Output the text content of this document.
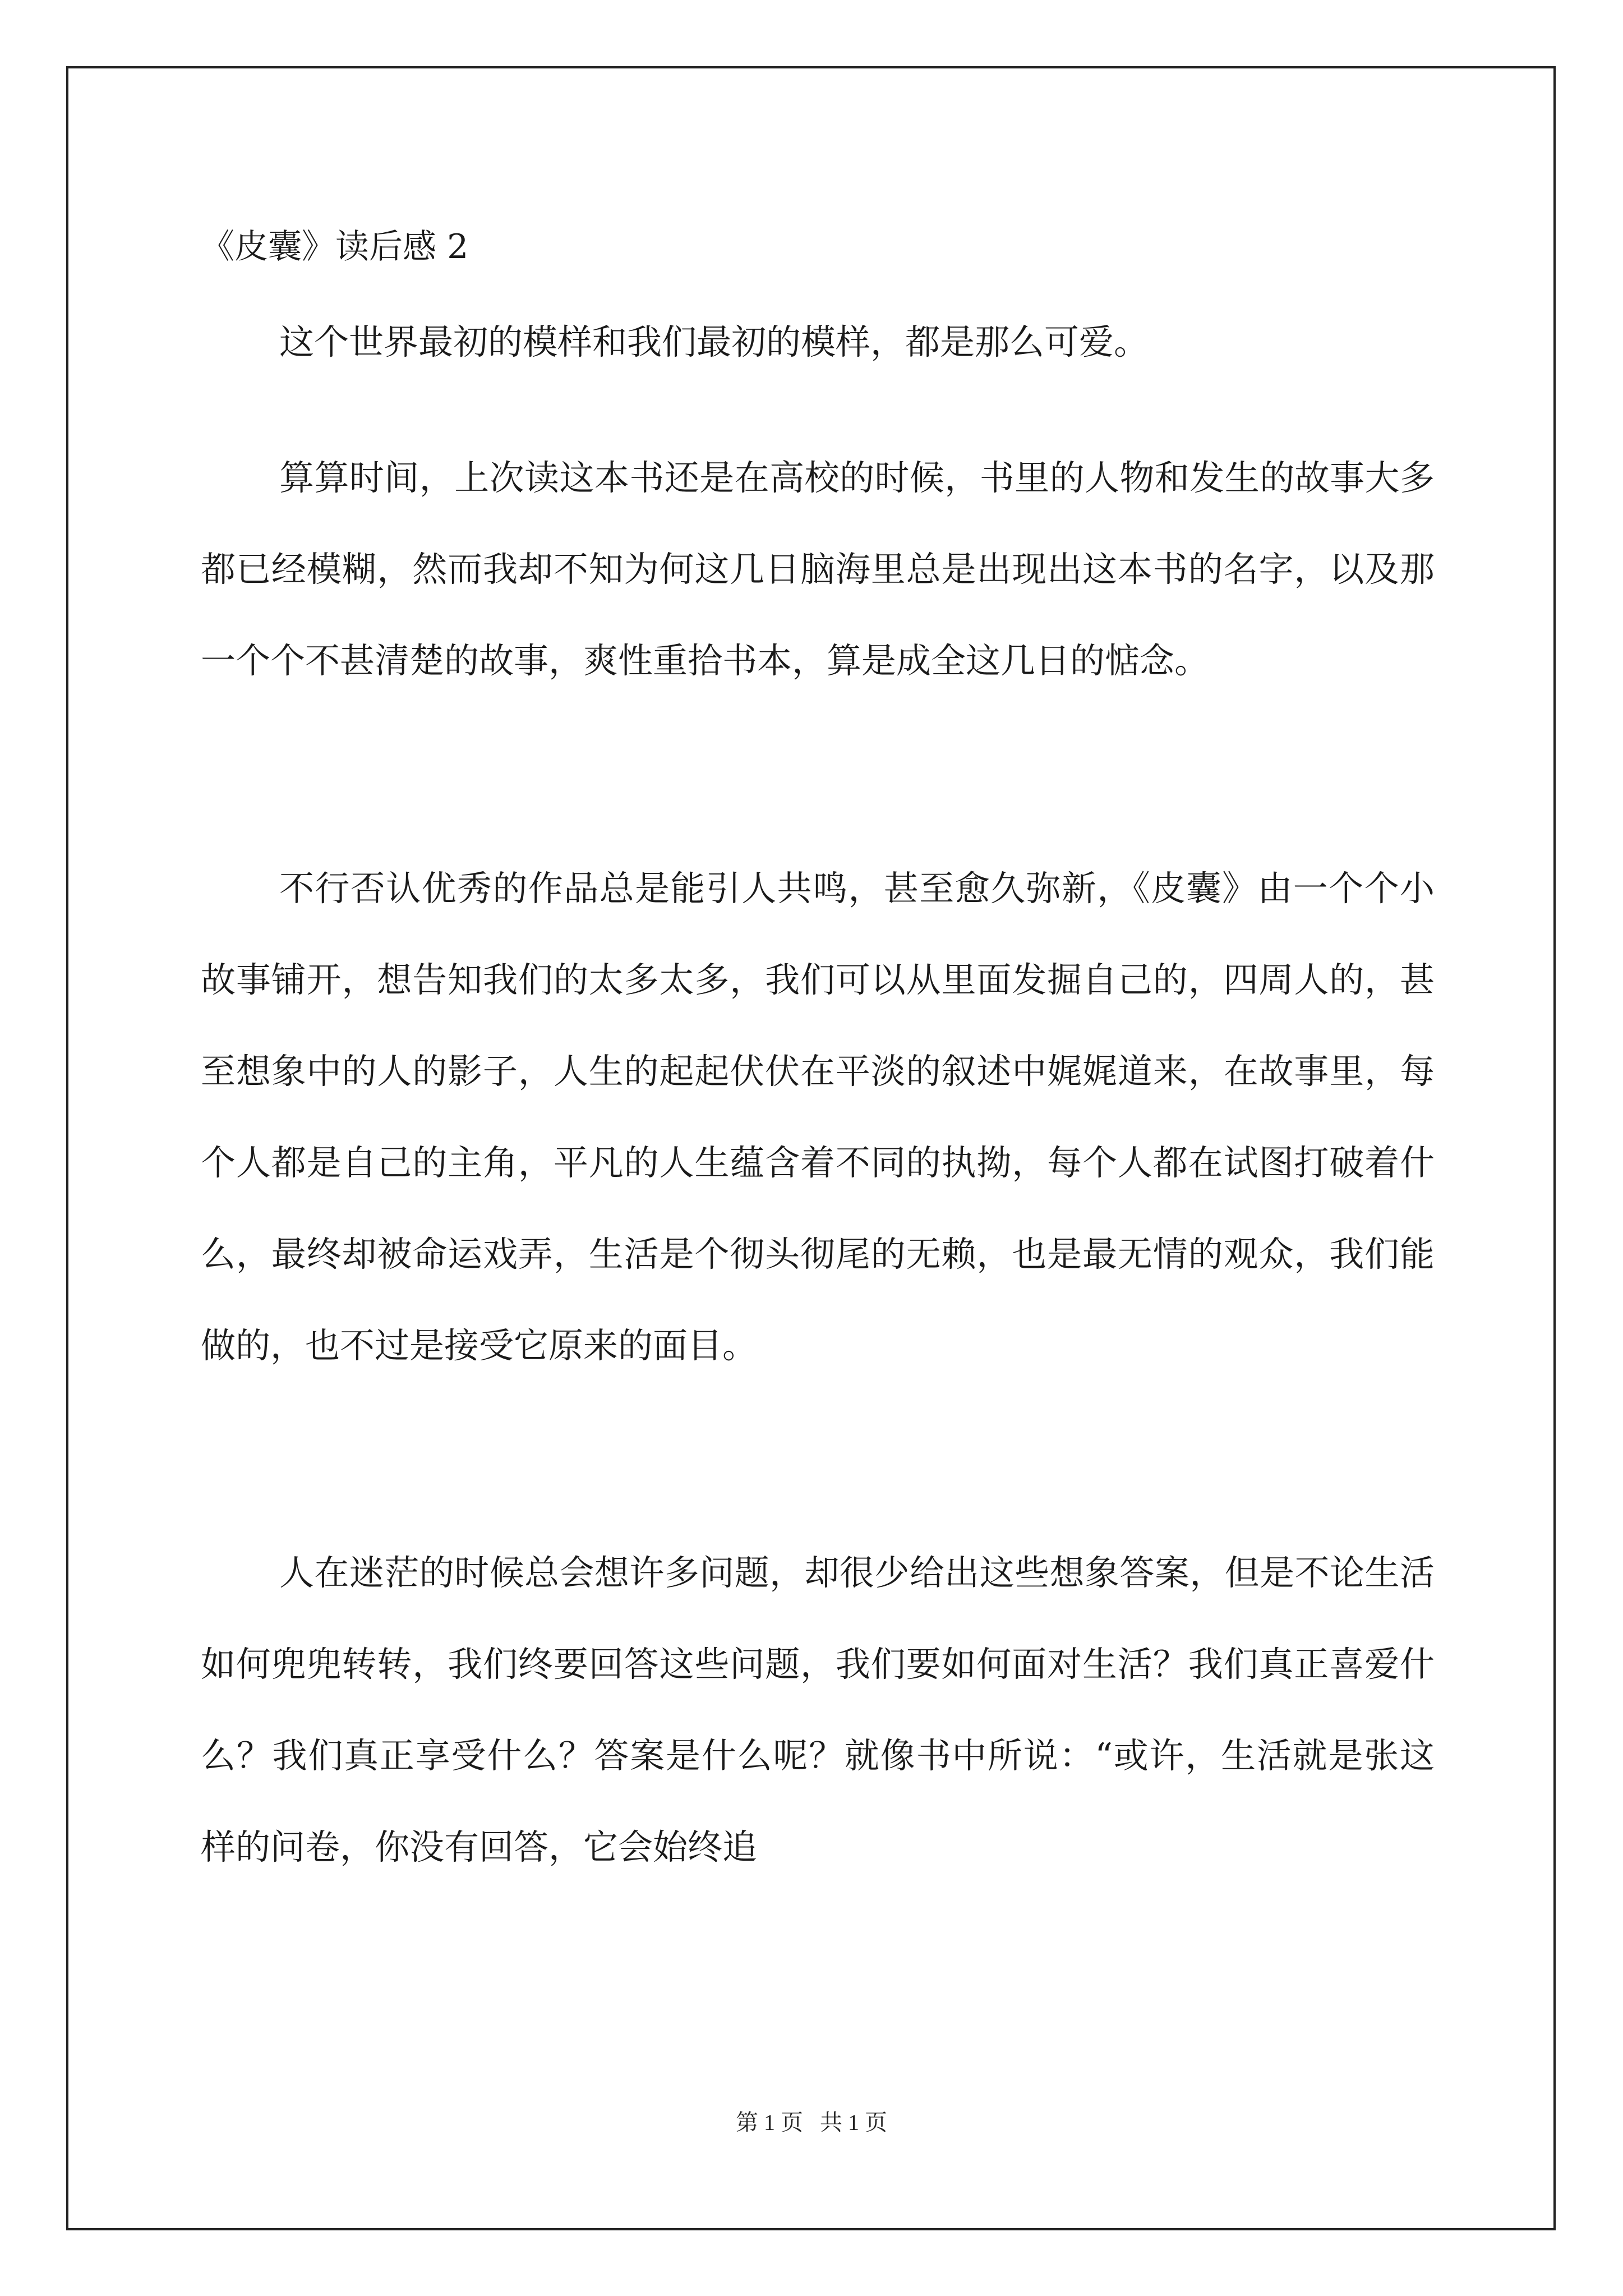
《皮囊》读后感 2

这个世界最初的模样和我们最初的模样，都是那么可爱。

算算时间，上次读这本书还是在高校的时候，书里的人物和发生的故事大多都已经模糊，然而我却不知为何这几日脑海里总是出现出这本书的名字，以及那一个个不甚清楚的故事，爽性重拾书本，算是成全这几日的惦念。

不行否认优秀的作品总是能引人共鸣，甚至愈久弥新，《皮囊》由一个个小故事铺开，想告知我们的太多太多，我们可以从里面发掘自己的，四周人的，甚至想象中的人的影子，人生的起起伏伏在平淡的叙述中娓娓道来，在故事里，每个人都是自己的主角，平凡的人生蕴含着不同的执拗，每个人都在试图打破着什么，最终却被命运戏弄，生活是个彻头彻尾的无赖，也是最无情的观众，我们能做的，也不过是接受它原来的面目。

人在迷茫的时候总会想许多问题，却很少给出这些想象答案，但是不论生活如何兜兜转转，我们终要回答这些问题，我们要如何面对生活？我们真正喜爱什么？我们真正享受什么？答案是什么呢？就像书中所说：“或许，生活就是张这样的问卷，你没有回答，它会始终追

第 1 页   共 1 页
